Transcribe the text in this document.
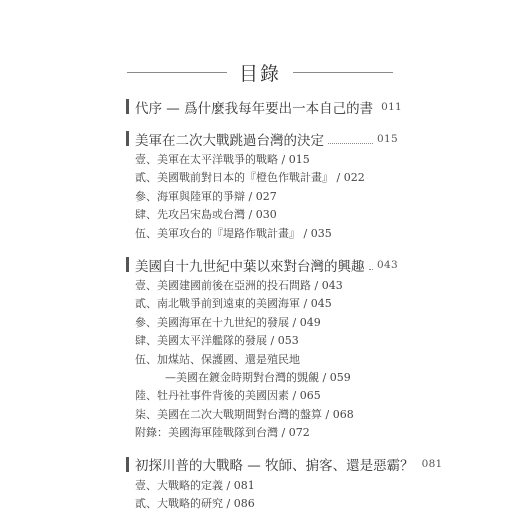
目錄
代序 — 爲什麼我每年要出一本自己的書 011
美軍在二次大戰跳過台灣的決定	015
壹、美軍在太平洋戰爭的戰略 / 015
貳、美國戰前對日本的『橙色作戰計畫』 / 022
參、海軍與陸軍的爭辯 / 027
肆、先攻呂宋島或台灣 / 030
伍、美軍攻台的『堤路作戰計畫』 / 035
美國自十九世紀中葉以來對台灣的興趣 043
壹、美國建國前後在亞洲的投石問路 / 043
貳、南北戰爭前到遠東的美國海軍 / 045
參、美國海軍在十九世紀的發展 / 049
肆、美國太平洋艦隊的發展 / 053
伍、加煤站、保護國、還是殖民地
—美國在鍍金時期對台灣的覬覦 / 059
陸、牡丹社事件背後的美國因素 / 065
柒、美國在二次大戰期間對台灣的盤算 / 068
附錄：美國海軍陸戰隊到台灣 / 072
初探川普的大戰略 — 牧師、掮客、還是惡霸？ 081
壹、大戰略的定義 / 081
貳、大戰略的研究 / 086
